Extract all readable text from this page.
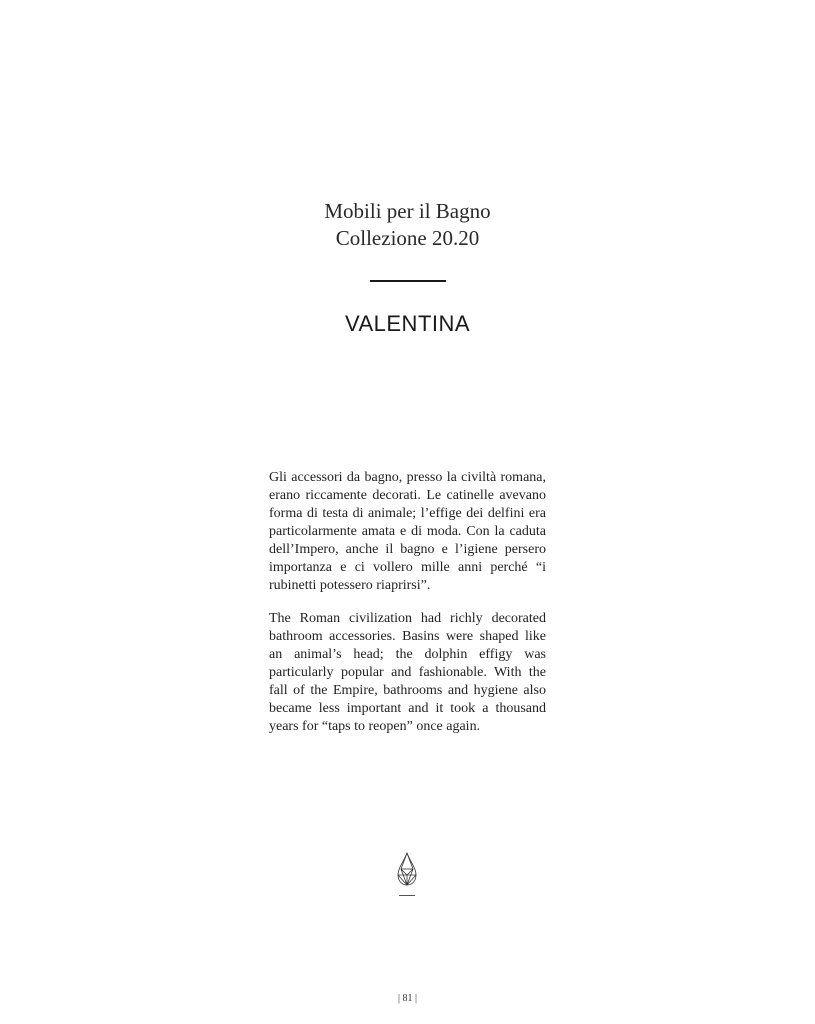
Mobili per il Bagno
Collezione 20.20
VALENTINA
Gli accessori da bagno, presso la civiltà romana, erano riccamente decorati. Le catinelle avevano forma di testa di animale; l’effige dei delfini era particolarmente amata e di moda. Con la caduta dell’Impero, anche il bagno e l’igiene persero importanza e ci vollero mille anni perché “i rubinetti potessero riaprirsi”.
The Roman civilization had richly decorated bathroom accessories. Basins were shaped like an animal’s head; the dolphin effigy was particularly popular and fashionable. With the fall of the Empire, bathrooms and hygiene also became less important and it took a thousand years for “taps to reopen” once again.
| 81 |
